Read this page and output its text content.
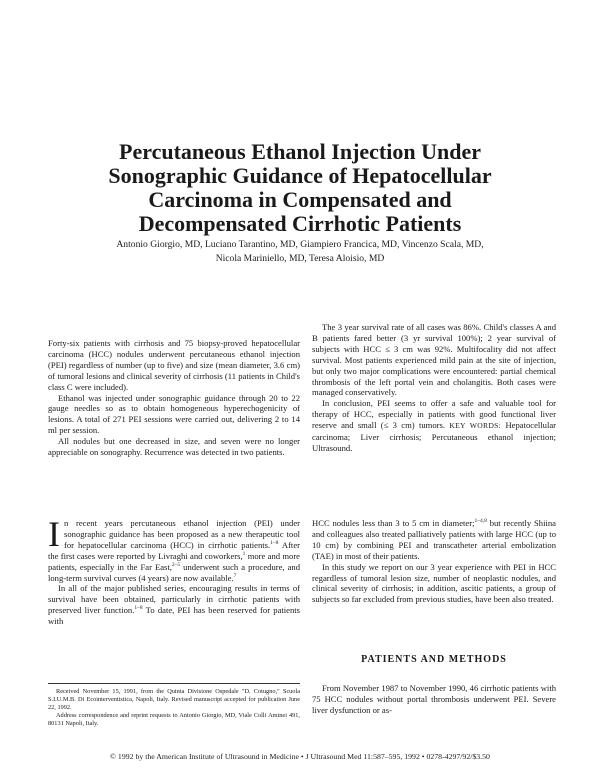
Percutaneous Ethanol Injection Under
Sonographic Guidance of Hepatocellular
Carcinoma in Compensated and
Decompensated Cirrhotic Patients
Antonio Giorgio, MD, Luciano Tarantino, MD, Giampiero Francica, MD, Vincenzo Scala, MD,
Nicola Mariniello, MD, Teresa Aloisio, MD

Forty-six patients with cirrhosis and 75 biopsy-proved hepatocellular carcinoma (HCC) nodules underwent percutaneous ethanol injection (PEI) regardless of number (up to five) and size (mean diameter, 3.6 cm) of tumoral lesions and clinical severity of cirrhosis (11 patients in Child's class C were included).

Ethanol was injected under sonographic guidance through 20 to 22 gauge needles so as to obtain homogeneous hyperechogenicity of lesions. A total of 271 PEI sessions were carried out, delivering 2 to 14 ml per session.

All nodules but one decreased in size, and seven were no longer appreciable on sonography. Recurrence was detected in two patients.

The 3 year survival rate of all cases was 86%. Child's classes A and B patients fared better (3 yr survival 100%); 2 year survival of subjects with HCC ≤ 3 cm was 92%. Multifocality did not affect survival. Most patients experienced mild pain at the site of injection, but only two major complications were encountered: partial chemical thrombosis of the left portal vein and cholangitis. Both cases were managed conservatively.

In conclusion, PEI seems to offer a safe and valuable tool for therapy of HCC, especially in patients with good functional liver reserve and small (≤ 3 cm) tumors. KEY WORDS: Hepatocellular carcinoma; Liver cirrhosis; Percutaneous ethanol injection; Ultrasound.

In recent years percutaneous ethanol injection (PEI) under sonographic guidance has been proposed as a new therapeutic tool for hepatocellular carcinoma (HCC) in cirrhotic patients.$^{1-8}$ After the first cases were reported by Livraghi and coworkers,$^1$ more and more patients, especially in the Far East,$^{2-5}$ underwent such a procedure, and long-term survival curves (4 years) are now available.$^7$

In all of the major published series, encouraging results in terms of survival have been obtained, particularly in cirrhotic patients with preserved liver function.$^{1-8}$ To date, PEI has been reserved for patients with

HCC nodules less than 3 to 5 cm in diameter;$^{1-4,8}$ but recently Shiina and colleagues also treated palliatively patients with large HCC (up to 10 cm) by combining PEI and transcatheter arterial embolization (TAE) in most of their patients.

In this study we report on our 3 year experience with PEI in HCC regardless of tumoral lesion size, number of neoplastic nodules, and clinical severity of cirrhosis; in addition, ascitic patients, a group of subjects so far excluded from previous studies, have been also treated.

PATIENTS AND METHODS

From November 1987 to November 1990, 46 cirrhotic patients with 75 HCC nodules without portal thrombosis underwent PEI. Severe liver dysfunction or as-

Received November 15, 1991, from the Quinta Divisione Ospedale "D. Cotugno," Scuola S.I.U.M.B. Di Ecointerventistica, Napoli, Italy. Revised manuscript accepted for publication June 22, 1992.

Address correspondence and reprint requests to Antonio Giorgio, MD, Viale Colli Aminei 491, 80131 Napoli, Italy.

© 1992 by the American Institute of Ultrasound in Medicine • J Ultrasound Med 11:587–595, 1992 • 0278-4297/92/$3.50
